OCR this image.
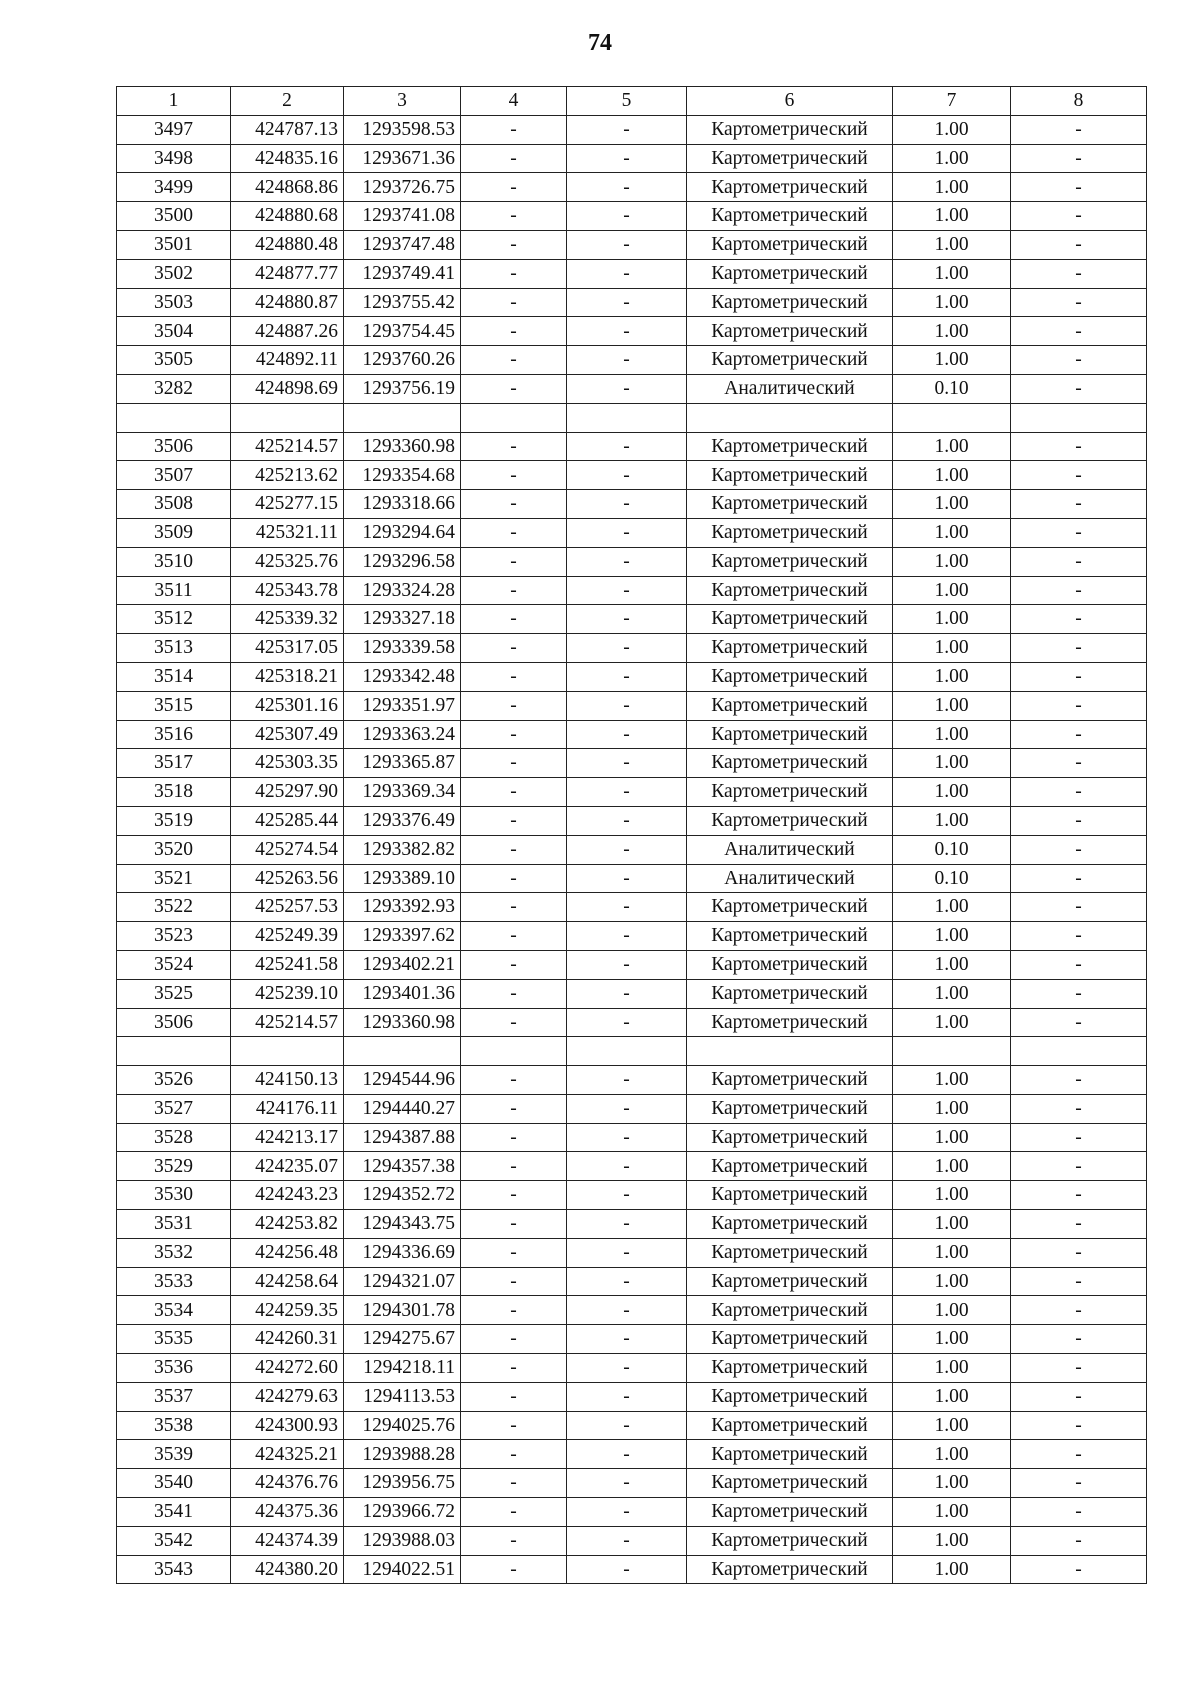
74
1	2	3	4	5	6	7	8
3497	424787.13	1293598.53	-	-	Картометрический	1.00	-
3498	424835.16	1293671.36	-	-	Картометрический	1.00	-
3499	424868.86	1293726.75	-	-	Картометрический	1.00	-
3500	424880.68	1293741.08	-	-	Картометрический	1.00	-
3501	424880.48	1293747.48	-	-	Картометрический	1.00	-
3502	424877.77	1293749.41	-	-	Картометрический	1.00	-
3503	424880.87	1293755.42	-	-	Картометрический	1.00	-
3504	424887.26	1293754.45	-	-	Картометрический	1.00	-
3505	424892.11	1293760.26	-	-	Картометрический	1.00	-
3282	424898.69	1293756.19	-	-	Аналитический	0.10	-

3506	425214.57	1293360.98	-	-	Картометрический	1.00	-
3507	425213.62	1293354.68	-	-	Картометрический	1.00	-
3508	425277.15	1293318.66	-	-	Картометрический	1.00	-
3509	425321.11	1293294.64	-	-	Картометрический	1.00	-
3510	425325.76	1293296.58	-	-	Картометрический	1.00	-
3511	425343.78	1293324.28	-	-	Картометрический	1.00	-
3512	425339.32	1293327.18	-	-	Картометрический	1.00	-
3513	425317.05	1293339.58	-	-	Картометрический	1.00	-
3514	425318.21	1293342.48	-	-	Картометрический	1.00	-
3515	425301.16	1293351.97	-	-	Картометрический	1.00	-
3516	425307.49	1293363.24	-	-	Картометрический	1.00	-
3517	425303.35	1293365.87	-	-	Картометрический	1.00	-
3518	425297.90	1293369.34	-	-	Картометрический	1.00	-
3519	425285.44	1293376.49	-	-	Картометрический	1.00	-
3520	425274.54	1293382.82	-	-	Аналитический	0.10	-
3521	425263.56	1293389.10	-	-	Аналитический	0.10	-
3522	425257.53	1293392.93	-	-	Картометрический	1.00	-
3523	425249.39	1293397.62	-	-	Картометрический	1.00	-
3524	425241.58	1293402.21	-	-	Картометрический	1.00	-
3525	425239.10	1293401.36	-	-	Картометрический	1.00	-
3506	425214.57	1293360.98	-	-	Картометрический	1.00	-

3526	424150.13	1294544.96	-	-	Картометрический	1.00	-
3527	424176.11	1294440.27	-	-	Картометрический	1.00	-
3528	424213.17	1294387.88	-	-	Картометрический	1.00	-
3529	424235.07	1294357.38	-	-	Картометрический	1.00	-
3530	424243.23	1294352.72	-	-	Картометрический	1.00	-
3531	424253.82	1294343.75	-	-	Картометрический	1.00	-
3532	424256.48	1294336.69	-	-	Картометрический	1.00	-
3533	424258.64	1294321.07	-	-	Картометрический	1.00	-
3534	424259.35	1294301.78	-	-	Картометрический	1.00	-
3535	424260.31	1294275.67	-	-	Картометрический	1.00	-
3536	424272.60	1294218.11	-	-	Картометрический	1.00	-
3537	424279.63	1294113.53	-	-	Картометрический	1.00	-
3538	424300.93	1294025.76	-	-	Картометрический	1.00	-
3539	424325.21	1293988.28	-	-	Картометрический	1.00	-
3540	424376.76	1293956.75	-	-	Картометрический	1.00	-
3541	424375.36	1293966.72	-	-	Картометрический	1.00	-
3542	424374.39	1293988.03	-	-	Картометрический	1.00	-
3543	424380.20	1294022.51	-	-	Картометрический	1.00	-
